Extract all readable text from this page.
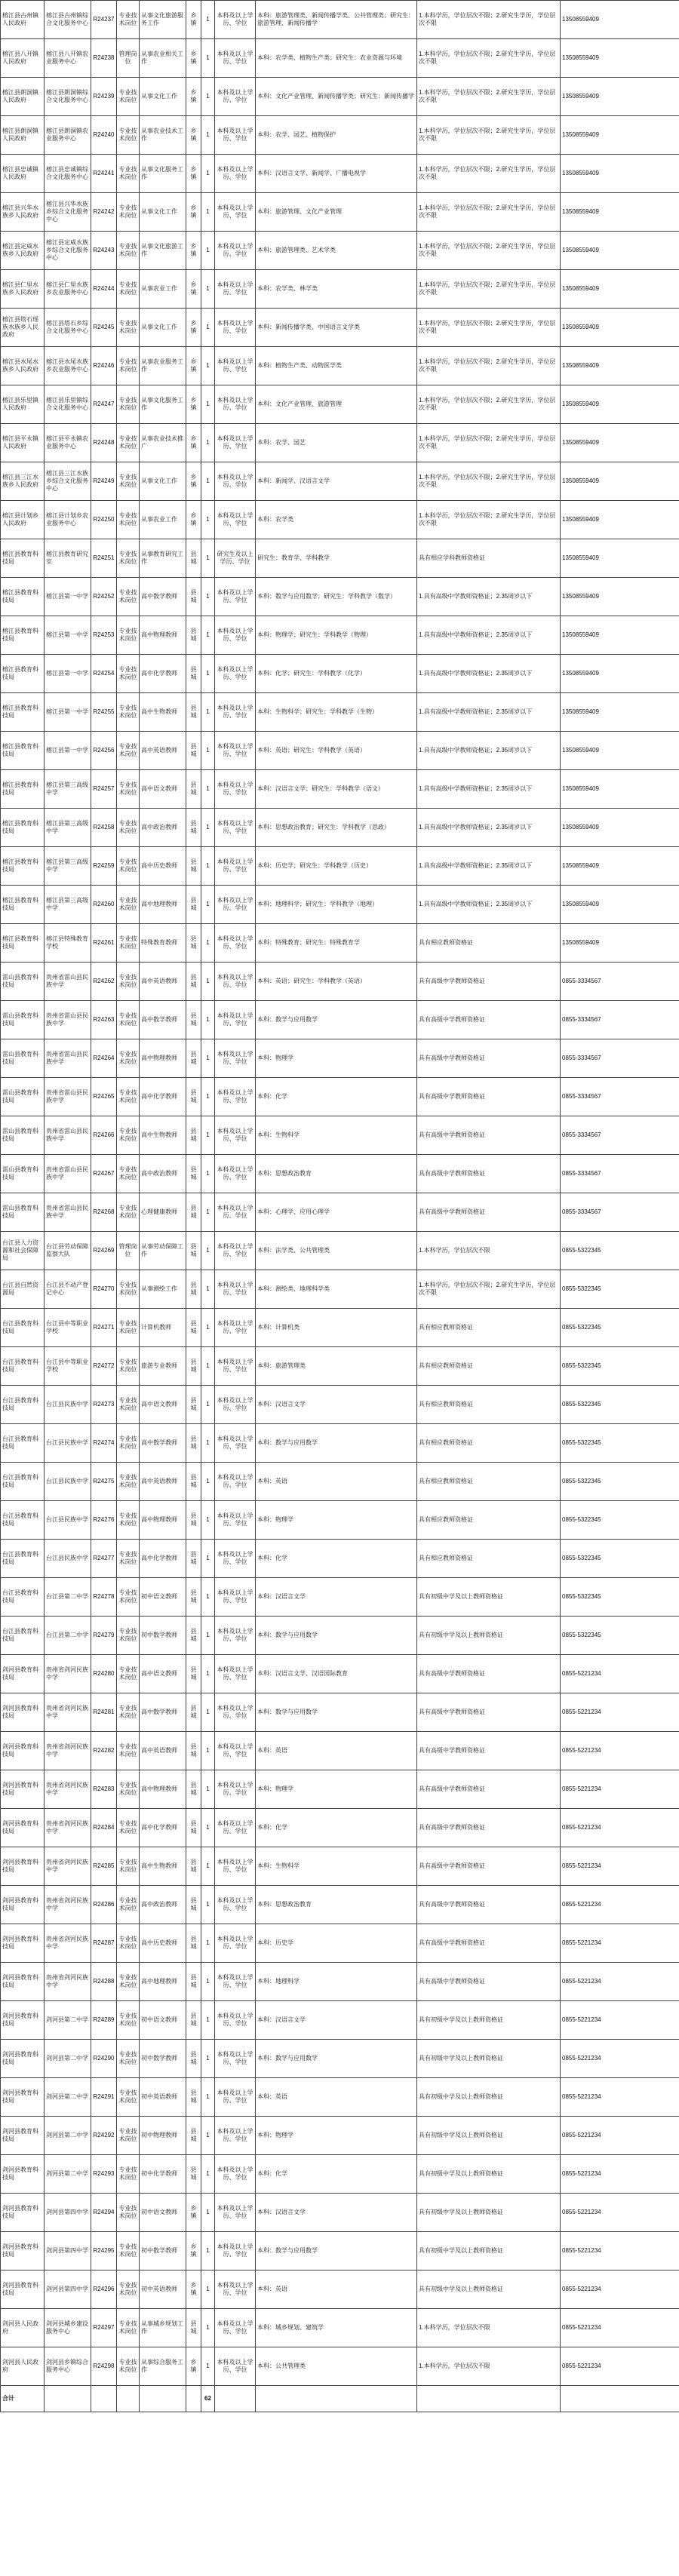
榕江县古州镇人民政府	榕江县古州镇综合文化服务中心	R24237	专业技术岗位	从事文化旅游服务工作	乡镇	1	本科及以上学历、学位	本科：旅游管理类、新闻传播学类、公共管理类；研究生：旅游管理、新闻传播学	1.本科学历，学位层次不限；2.研究生学历，学位层次不限	13508559409
榕江县八开镇人民政府	榕江县八开镇农业服务中心	R24238	管理岗位	从事农业相关工作	乡镇	1	本科及以上学历、学位	本科：农学类、植物生产类；研究生：农业资源与环境	1.本科学历，学位层次不限；2.研究生学历，学位层次不限	13508559409
榕江县朗洞镇人民政府	榕江县朗洞镇综合文化服务中心	R24239	专业技术岗位	从事文化工作	乡镇	1	本科及以上学历、学位	本科：文化产业管理、新闻传播学类；研究生：新闻传播学	1.本科学历，学位层次不限；2.研究生学历，学位层次不限	13508559409
榕江县朗洞镇人民政府	榕江县朗洞镇农业服务中心	R24240	专业技术岗位	从事农业技术工作	乡镇	1	本科及以上学历、学位	本科：农学、园艺、植物保护	1.本科学历，学位层次不限；2.研究生学历，学位层次不限	13508559409
榕江县忠诚镇人民政府	榕江县忠诚镇综合文化服务中心	R24241	专业技术岗位	从事文化服务工作	乡镇	1	本科及以上学历、学位	本科：汉语言文学、新闻学、广播电视学	1.本科学历，学位层次不限；2.研究生学历，学位层次不限	13508559409
榕江县兴华水族乡人民政府	榕江县兴华水族乡综合文化服务中心	R24242	专业技术岗位	从事文化工作	乡镇	1	本科及以上学历、学位	本科：旅游管理、文化产业管理	1.本科学历，学位层次不限；2.研究生学历，学位层次不限	13508559409
榕江县定威水族乡人民政府	榕江县定威水族乡综合文化服务中心	R24243	专业技术岗位	从事文化旅游工作	乡镇	1	本科及以上学历、学位	本科：旅游管理类、艺术学类	1.本科学历，学位层次不限；2.研究生学历，学位层次不限	13508559409
榕江县仁里水族乡人民政府	榕江县仁里水族乡农业服务中心	R24244	专业技术岗位	从事农业工作	乡镇	1	本科及以上学历、学位	本科：农学类、林学类	1.本科学历，学位层次不限；2.研究生学历，学位层次不限	13508559409
榕江县塔石瑶族水族乡人民政府	榕江县塔石乡综合文化服务中心	R24245	专业技术岗位	从事文化工作	乡镇	1	本科及以上学历、学位	本科：新闻传播学类、中国语言文学类	1.本科学历，学位层次不限；2.研究生学历，学位层次不限	13508559409
榕江县水尾水族乡人民政府	榕江县水尾水族乡农业服务中心	R24246	专业技术岗位	从事农业服务工作	乡镇	1	本科及以上学历、学位	本科：植物生产类、动物医学类	1.本科学历，学位层次不限；2.研究生学历，学位层次不限	13508559409
榕江县乐里镇人民政府	榕江县乐里镇综合文化服务中心	R24247	专业技术岗位	从事文化服务工作	乡镇	1	本科及以上学历、学位	本科：文化产业管理、旅游管理	1.本科学历，学位层次不限；2.研究生学历，学位层次不限	13508559409
榕江县平永镇人民政府	榕江县平永镇农业服务中心	R24248	专业技术岗位	从事农业技术推广	乡镇	1	本科及以上学历、学位	本科：农学、园艺	1.本科学历，学位层次不限；2.研究生学历，学位层次不限	13508559409
榕江县三江水族乡人民政府	榕江县三江水族乡综合文化服务中心	R24249	专业技术岗位	从事文化工作	乡镇	1	本科及以上学历、学位	本科：新闻学、汉语言文学	1.本科学历，学位层次不限；2.研究生学历，学位层次不限	13508559409
榕江县计划乡人民政府	榕江县计划乡农业服务中心	R24250	专业技术岗位	从事农业工作	乡镇	1	本科及以上学历、学位	本科：农学类	1.本科学历，学位层次不限；2.研究生学历，学位层次不限	13508559409
榕江县教育科技局	榕江县教育研究室	R24251	专业技术岗位	从事教育研究工作	县城	1	研究生及以上学历、学位	研究生：教育学、学科教学	具有相应学科教师资格证	13508559409
榕江县教育科技局	榕江县第一中学	R24252	专业技术岗位	高中数学教师	县城	1	本科及以上学历、学位	本科：数学与应用数学；研究生：学科教学（数学）	1.具有高级中学教师资格证；2.35周岁以下	13508559409
榕江县教育科技局	榕江县第一中学	R24253	专业技术岗位	高中物理教师	县城	1	本科及以上学历、学位	本科：物理学；研究生：学科教学（物理）	1.具有高级中学教师资格证；2.35周岁以下	13508559409
榕江县教育科技局	榕江县第一中学	R24254	专业技术岗位	高中化学教师	县城	1	本科及以上学历、学位	本科：化学；研究生：学科教学（化学）	1.具有高级中学教师资格证；2.35周岁以下	13508559409
榕江县教育科技局	榕江县第一中学	R24255	专业技术岗位	高中生物教师	县城	1	本科及以上学历、学位	本科：生物科学；研究生：学科教学（生物）	1.具有高级中学教师资格证；2.35周岁以下	13508559409
榕江县教育科技局	榕江县第一中学	R24256	专业技术岗位	高中英语教师	县城	1	本科及以上学历、学位	本科：英语；研究生：学科教学（英语）	1.具有高级中学教师资格证；2.35周岁以下	13508559409
榕江县教育科技局	榕江县第三高级中学	R24257	专业技术岗位	高中语文教师	县城	1	本科及以上学历、学位	本科：汉语言文学；研究生：学科教学（语文）	1.具有高级中学教师资格证；2.35周岁以下	13508559409
榕江县教育科技局	榕江县第三高级中学	R24258	专业技术岗位	高中政治教师	县城	1	本科及以上学历、学位	本科：思想政治教育；研究生：学科教学（思政）	1.具有高级中学教师资格证；2.35周岁以下	13508559409
榕江县教育科技局	榕江县第三高级中学	R24259	专业技术岗位	高中历史教师	县城	1	本科及以上学历、学位	本科：历史学；研究生：学科教学（历史）	1.具有高级中学教师资格证；2.35周岁以下	13508559409
榕江县教育科技局	榕江县第三高级中学	R24260	专业技术岗位	高中地理教师	县城	1	本科及以上学历、学位	本科：地理科学；研究生：学科教学（地理）	1.具有高级中学教师资格证；2.35周岁以下	13508559409
榕江县教育科技局	榕江县特殊教育学校	R24261	专业技术岗位	特殊教育教师	县城	1	本科及以上学历、学位	本科：特殊教育；研究生：特殊教育学	具有相应教师资格证	13508559409
雷山县教育科技局	贵州省雷山县民族中学	R24262	专业技术岗位	高中英语教师	县城	1	本科及以上学历、学位	本科：英语；研究生：学科教学（英语）	具有高级中学教师资格证	0855-3334567
雷山县教育科技局	贵州省雷山县民族中学	R24263	专业技术岗位	高中数学教师	县城	1	本科及以上学历、学位	本科：数学与应用数学	具有高级中学教师资格证	0855-3334567
雷山县教育科技局	贵州省雷山县民族中学	R24264	专业技术岗位	高中物理教师	县城	1	本科及以上学历、学位	本科：物理学	具有高级中学教师资格证	0855-3334567
雷山县教育科技局	贵州省雷山县民族中学	R24265	专业技术岗位	高中化学教师	县城	1	本科及以上学历、学位	本科：化学	具有高级中学教师资格证	0855-3334567
雷山县教育科技局	贵州省雷山县民族中学	R24266	专业技术岗位	高中生物教师	县城	1	本科及以上学历、学位	本科：生物科学	具有高级中学教师资格证	0855-3334567
雷山县教育科技局	贵州省雷山县民族中学	R24267	专业技术岗位	高中政治教师	县城	1	本科及以上学历、学位	本科：思想政治教育	具有高级中学教师资格证	0855-3334567
雷山县教育科技局	贵州省雷山县民族中学	R24268	专业技术岗位	心理健康教师	县城	1	本科及以上学历、学位	本科：心理学、应用心理学	具有高级中学教师资格证	0855-3334567
台江县人力资源和社会保障局	台江县劳动保障监察大队	R24269	管理岗位	从事劳动保障工作	县城	1	本科及以上学历、学位	本科：法学类、公共管理类	1.本科学历，学位层次不限	0855-5322345
台江县自然资源局	台江县不动产登记中心	R24270	专业技术岗位	从事测绘工作	县城	1	本科及以上学历、学位	本科：测绘类、地理科学类	1.本科学历，学位层次不限；2.研究生学历，学位层次不限	0855-5322345
台江县教育科技局	台江县中等职业学校	R24271	专业技术岗位	计算机教师	县城	1	本科及以上学历、学位	本科：计算机类	具有相应教师资格证	0855-5322345
台江县教育科技局	台江县中等职业学校	R24272	专业技术岗位	旅游专业教师	县城	1	本科及以上学历、学位	本科：旅游管理类	具有相应教师资格证	0855-5322345
台江县教育科技局	台江县民族中学	R24273	专业技术岗位	高中语文教师	县城	1	本科及以上学历、学位	本科：汉语言文学	具有相应教师资格证	0855-5322345
台江县教育科技局	台江县民族中学	R24274	专业技术岗位	高中数学教师	县城	1	本科及以上学历、学位	本科：数学与应用数学	具有相应教师资格证	0855-5322345
台江县教育科技局	台江县民族中学	R24275	专业技术岗位	高中英语教师	县城	1	本科及以上学历、学位	本科：英语	具有相应教师资格证	0855-5322345
台江县教育科技局	台江县民族中学	R24276	专业技术岗位	高中物理教师	县城	1	本科及以上学历、学位	本科：物理学	具有相应教师资格证	0855-5322345
台江县教育科技局	台江县民族中学	R24277	专业技术岗位	高中化学教师	县城	1	本科及以上学历、学位	本科：化学	具有相应教师资格证	0855-5322345
台江县教育科技局	台江县第二中学	R24278	专业技术岗位	初中语文教师	县城	1	本科及以上学历、学位	本科：汉语言文学	具有初级中学及以上教师资格证	0855-5322345
台江县教育科技局	台江县第二中学	R24279	专业技术岗位	初中数学教师	县城	1	本科及以上学历、学位	本科：数学与应用数学	具有初级中学及以上教师资格证	0855-5322345
剑河县教育科技局	贵州省剑河民族中学	R24280	专业技术岗位	高中语文教师	县城	1	本科及以上学历、学位	本科：汉语言文学、汉语国际教育	具有高级中学教师资格证	0855-5221234
剑河县教育科技局	贵州省剑河民族中学	R24281	专业技术岗位	高中数学教师	县城	1	本科及以上学历、学位	本科：数学与应用数学	具有高级中学教师资格证	0855-5221234
剑河县教育科技局	贵州省剑河民族中学	R24282	专业技术岗位	高中英语教师	县城	1	本科及以上学历、学位	本科：英语	具有高级中学教师资格证	0855-5221234
剑河县教育科技局	贵州省剑河民族中学	R24283	专业技术岗位	高中物理教师	县城	1	本科及以上学历、学位	本科：物理学	具有高级中学教师资格证	0855-5221234
剑河县教育科技局	贵州省剑河民族中学	R24284	专业技术岗位	高中化学教师	县城	1	本科及以上学历、学位	本科：化学	具有高级中学教师资格证	0855-5221234
剑河县教育科技局	贵州省剑河民族中学	R24285	专业技术岗位	高中生物教师	县城	1	本科及以上学历、学位	本科：生物科学	具有高级中学教师资格证	0855-5221234
剑河县教育科技局	贵州省剑河民族中学	R24286	专业技术岗位	高中政治教师	县城	1	本科及以上学历、学位	本科：思想政治教育	具有高级中学教师资格证	0855-5221234
剑河县教育科技局	贵州省剑河民族中学	R24287	专业技术岗位	高中历史教师	县城	1	本科及以上学历、学位	本科：历史学	具有高级中学教师资格证	0855-5221234
剑河县教育科技局	贵州省剑河民族中学	R24288	专业技术岗位	高中地理教师	县城	1	本科及以上学历、学位	本科：地理科学	具有高级中学教师资格证	0855-5221234
剑河县教育科技局	剑河县第二中学	R24289	专业技术岗位	初中语文教师	县城	1	本科及以上学历、学位	本科：汉语言文学	具有初级中学及以上教师资格证	0855-5221234
剑河县教育科技局	剑河县第二中学	R24290	专业技术岗位	初中数学教师	县城	1	本科及以上学历、学位	本科：数学与应用数学	具有初级中学及以上教师资格证	0855-5221234
剑河县教育科技局	剑河县第二中学	R24291	专业技术岗位	初中英语教师	县城	1	本科及以上学历、学位	本科：英语	具有初级中学及以上教师资格证	0855-5221234
剑河县教育科技局	剑河县第二中学	R24292	专业技术岗位	初中物理教师	县城	1	本科及以上学历、学位	本科：物理学	具有初级中学及以上教师资格证	0855-5221234
剑河县教育科技局	剑河县第二中学	R24293	专业技术岗位	初中化学教师	县城	1	本科及以上学历、学位	本科：化学	具有初级中学及以上教师资格证	0855-5221234
剑河县教育科技局	剑河县第四中学	R24294	专业技术岗位	初中语文教师	乡镇	1	本科及以上学历、学位	本科：汉语言文学	具有初级中学及以上教师资格证	0855-5221234
剑河县教育科技局	剑河县第四中学	R24295	专业技术岗位	初中数学教师	乡镇	1	本科及以上学历、学位	本科：数学与应用数学	具有初级中学及以上教师资格证	0855-5221234
剑河县教育科技局	剑河县第四中学	R24296	专业技术岗位	初中英语教师	乡镇	1	本科及以上学历、学位	本科：英语	具有初级中学及以上教师资格证	0855-5221234
剑河县人民政府	剑河县城乡建设服务中心	R24297	专业技术岗位	从事城乡规划工作	县城	1	本科及以上学历、学位	本科：城乡规划、建筑学	1.本科学历，学位层次不限	0855-5221234
剑河县人民政府	剑河县乡镇综合服务中心	R24298	专业技术岗位	从事综合服务工作	乡镇	1	本科及以上学历、学位	本科：公共管理类	1.本科学历，学位层次不限	0855-5221234
合计						62				
